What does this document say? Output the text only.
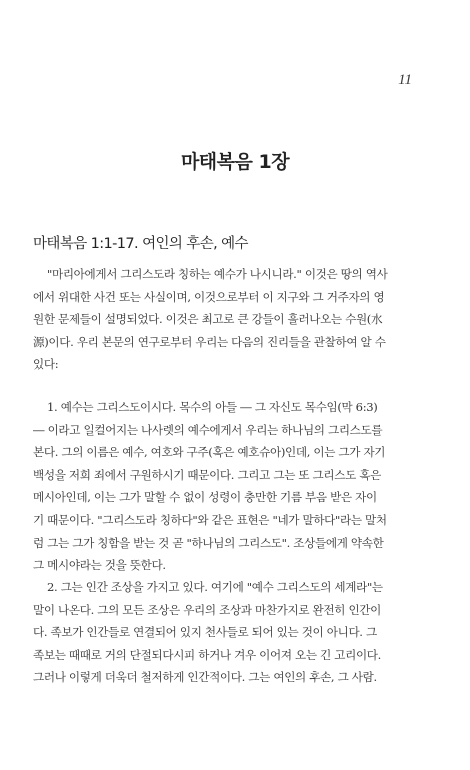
11
마태복음 1장
마태복음 1:1-17. 여인의 후손, 예수
"마리아에게서 그리스도라 칭하는 예수가 나시니라." 이것은 땅의 역사
에서 위대한 사건 또는 사실이며, 이것으로부터 이 지구와 그 거주자의 영
원한 문제들이 설명되었다. 이것은 최고로 큰 강들이 흘러나오는 수원(水
源)이다. 우리 본문의 연구로부터 우리는 다음의 진리들을 관찰하여 알 수
있다:
1. 예수는 그리스도이시다. 목수의 아들 ― 그 자신도 목수임(막 6:3)
― 이라고 일컬어지는 나사렛의 예수에게서 우리는 하나님의 그리스도를
본다. 그의 이름은 예수, 여호와 구주(혹은 예호슈아)인데, 이는 그가 자기
백성을 저희 죄에서 구원하시기 때문이다. 그리고 그는 또 그리스도 혹은
메시아인데, 이는 그가 말할 수 없이 성령이 충만한 기름 부음 받은 자이
기 때문이다. "그리스도라 칭하다"와 같은 표현은 "네가 말하다"라는 말처
럼 그는 그가 칭함을 받는 것 곧 "하나님의 그리스도". 조상들에게 약속한
그 메시야라는 것을 뜻한다.
2. 그는 인간 조상을 가지고 있다. 여기에 "예수 그리스도의 세계라"는
말이 나온다. 그의 모든 조상은 우리의 조상과 마찬가지로 완전히 인간이
다. 족보가 인간들로 연결되어 있지 천사들로 되어 있는 것이 아니다. 그
족보는 때때로 거의 단절되다시피 하거나 겨우 이어져 오는 긴 고리이다.
그러나 이렇게 더욱더 철저하게 인간적이다. 그는 여인의 후손, 그 사람.
